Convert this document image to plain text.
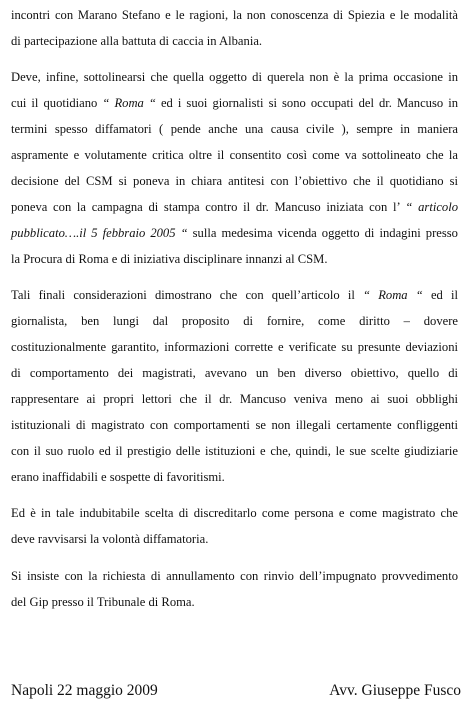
incontri con Marano Stefano e le ragioni, la non conoscenza di Spiezia e le modalità
di partecipazione alla battuta di caccia in Albania.
Deve, infine, sottolinearsi che quella oggetto di querela non è la prima occasione in
cui il quotidiano “ Roma “ ed i suoi giornalisti si sono occupati del dr. Mancuso in
termini spesso diffamatori ( pende anche una causa civile ), sempre in maniera
aspramente e volutamente critica oltre il consentito così come va sottolineato che la
decisione del CSM si poneva in chiara antitesi con l’obiettivo che il quotidiano si
poneva con la campagna di stampa contro il dr. Mancuso iniziata con l’ “ articolo
pubblicato….il 5 febbraio 2005 “ sulla medesima vicenda oggetto di indagini presso
la Procura di Roma e di iniziativa disciplinare innanzi al CSM.
Tali finali considerazioni dimostrano che con quell’articolo il “ Roma “ ed il
giornalista, ben lungi dal proposito di fornire, come diritto – dovere
costituzionalmente garantito, informazioni corrette e verificate su presunte deviazioni
di comportamento dei magistrati, avevano un ben diverso obiettivo, quello di
rappresentare ai propri lettori che il dr. Mancuso veniva meno ai suoi obblighi
istituzionali di magistrato con comportamenti se non illegali certamente confliggenti
con il suo ruolo ed il prestigio delle istituzioni e che, quindi, le sue scelte giudiziarie
erano inaffidabili e sospette di favoritismi.
Ed è in tale indubitabile scelta di discreditarlo come persona e come magistrato che
deve ravvisarsi la volontà diffamatoria.
Si insiste con la richiesta di annullamento con rinvio dell’impugnato provvedimento
del Gip presso il Tribunale di Roma.
Napoli 22 maggio 2009	Avv. Giuseppe Fusco
